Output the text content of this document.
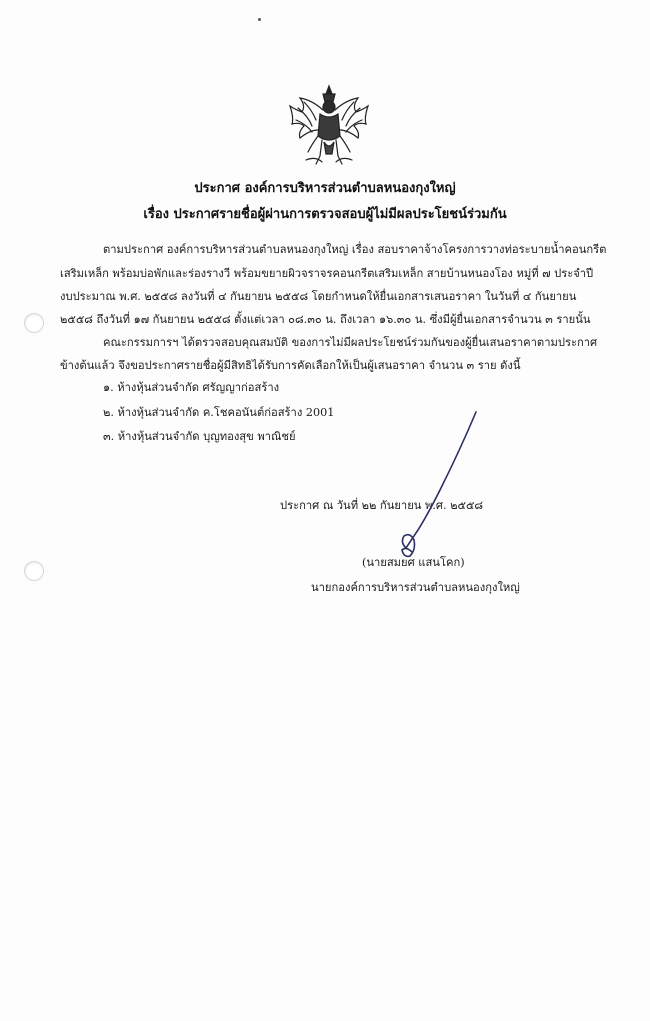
ประกาศ องค์การบริหารส่วนตำบลหนองกุงใหญ่
เรื่อง ประกาศรายชื่อผู้ผ่านการตรวจสอบผู้ไม่มีผลประโยชน์ร่วมกัน
ตามประกาศ องค์การบริหารส่วนตำบลหนองกุงใหญ่ เรื่อง สอบราคาจ้างโครงการวางท่อระบายน้ำคอนกรีต
เสริมเหล็ก พร้อมบ่อพักและร่องรางวี พร้อมขยายผิวจราจรคอนกรีตเสริมเหล็ก สายบ้านหนองโอง หมู่ที่ ๗ ประจำปี
งบประมาณ พ.ศ. ๒๕๕๘ ลงวันที่ ๔ กันยายน ๒๕๕๘ โดยกำหนดให้ยื่นเอกสารเสนอราคา ในวันที่ ๔ กันยายน
๒๕๕๘ ถึงวันที่ ๑๗ กันยายน ๒๕๕๘ ตั้งแต่เวลา ๐๘.๓๐ น. ถึงเวลา ๑๖.๓๐ น. ซึ่งมีผู้ยื่นเอกสารจำนวน ๓ รายนั้น
คณะกรรมการฯ ได้ตรวจสอบคุณสมบัติ ของการไม่มีผลประโยชน์ร่วมกันของผู้ยื่นเสนอราคาตามประกาศ
ข้างต้นแล้ว จึงขอประกาศรายชื่อผู้มีสิทธิได้รับการคัดเลือกให้เป็นผู้เสนอราคา จำนวน ๓ ราย ดังนี้
๑. ห้างหุ้นส่วนจำกัด ศรัญญาก่อสร้าง
๒. ห้างหุ้นส่วนจำกัด ค.โชคอนันต์ก่อสร้าง 2001
๓. ห้างหุ้นส่วนจำกัด บุญทองสุข พาณิชย์
ประกาศ ณ วันที่ ๒๒ กันยายน พ.ศ. ๒๕๕๘
(นายสมยศ แสนโคก)
นายกองค์การบริหารส่วนตำบลหนองกุงใหญ่
